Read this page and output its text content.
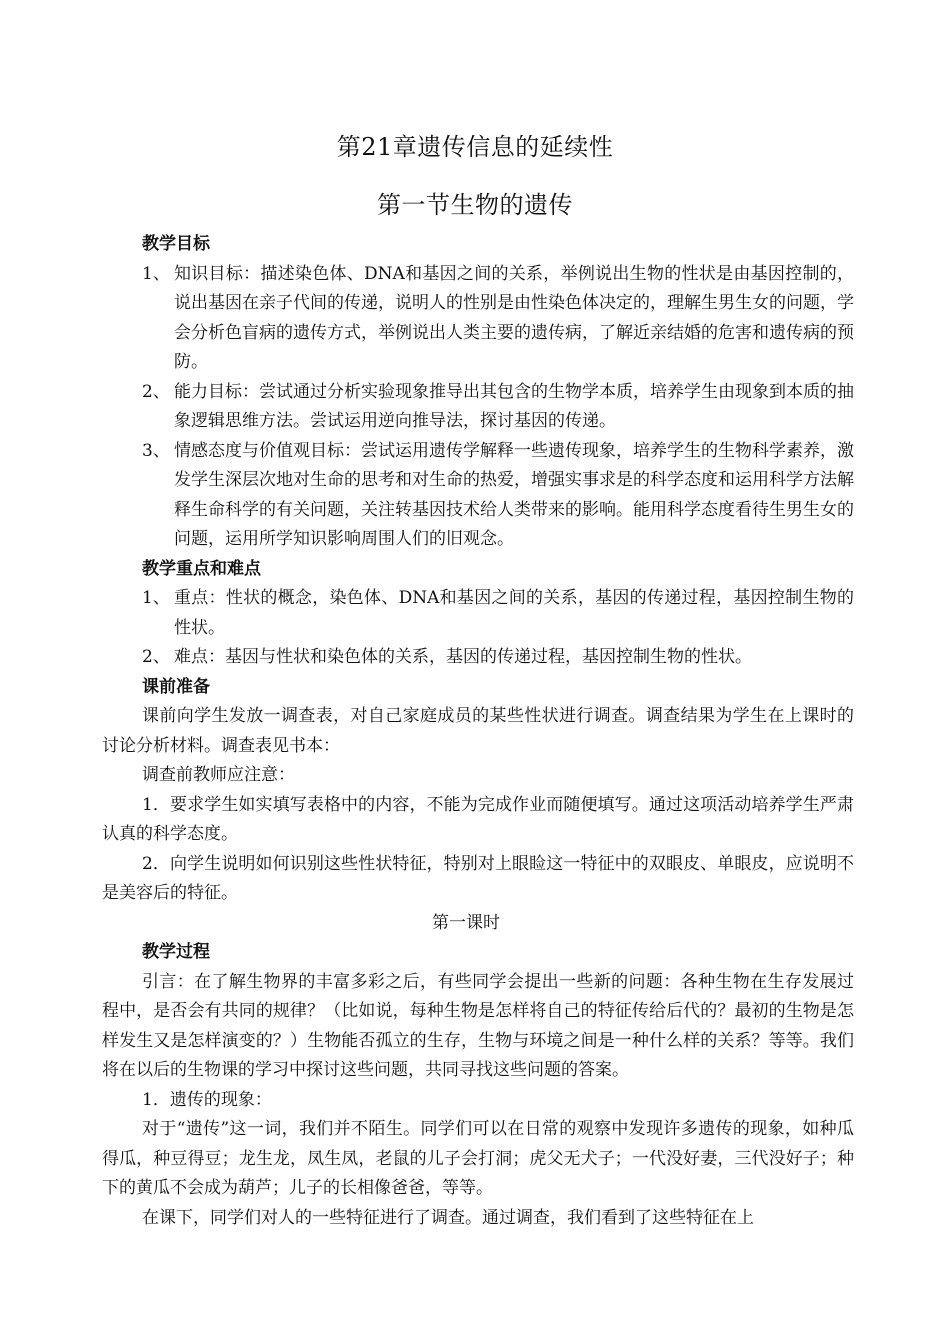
第21章遗传信息的延续性
第一节生物的遗传
教学目标
1、 知识目标：描述染色体、DNA和基因之间的关系，举例说出生物的性状是由基因控制的，说出基因在亲子代间的传递，说明人的性别是由性染色体决定的，理解生男生女的问题，学会分析色盲病的遗传方式，举例说出人类主要的遗传病，了解近亲结婚的危害和遗传病的预防。
2、 能力目标：尝试通过分析实验现象推导出其包含的生物学本质，培养学生由现象到本质的抽象逻辑思维方法。尝试运用逆向推导法，探讨基因的传递。
3、 情感态度与价值观目标：尝试运用遗传学解释一些遗传现象，培养学生的生物科学素养，激发学生深层次地对生命的思考和对生命的热爱，增强实事求是的科学态度和运用科学方法解释生命科学的有关问题，关注转基因技术给人类带来的影响。能用科学态度看待生男生女的问题，运用所学知识影响周围人们的旧观念。
教学重点和难点
1、 重点：性状的概念，染色体、DNA和基因之间的关系，基因的传递过程，基因控制生物的性状。
2、 难点：基因与性状和染色体的关系，基因的传递过程，基因控制生物的性状。
课前准备
课前向学生发放一调查表，对自己家庭成员的某些性状进行调查。调查结果为学生在上课时的讨论分析材料。调查表见书本：
调查前教师应注意：
1．要求学生如实填写表格中的内容，不能为完成作业而随便填写。通过这项活动培养学生严肃认真的科学态度。
2．向学生说明如何识别这些性状特征，特别对上眼睑这一特征中的双眼皮、单眼皮，应说明不是美容后的特征。
第一课时
教学过程
引言：在了解生物界的丰富多彩之后，有些同学会提出一些新的问题：各种生物在生存发展过程中，是否会有共同的规律？（比如说，每种生物是怎样将自己的特征传给后代的？最初的生物是怎样发生又是怎样演变的？）生物能否孤立的生存，生物与环境之间是一种什么样的关系？等等。我们将在以后的生物课的学习中探讨这些问题，共同寻找这些问题的答案。
1．遗传的现象：
对于“遗传”这一词，我们并不陌生。同学们可以在日常的观察中发现许多遗传的现象，如种瓜得瓜，种豆得豆；龙生龙，凤生凤，老鼠的儿子会打洞；虎父无犬子；一代没好妻，三代没好子；种下的黄瓜不会成为葫芦；儿子的长相像爸爸，等等。
在课下，同学们对人的一些特征进行了调查。通过调查，我们看到了这些特征在上
